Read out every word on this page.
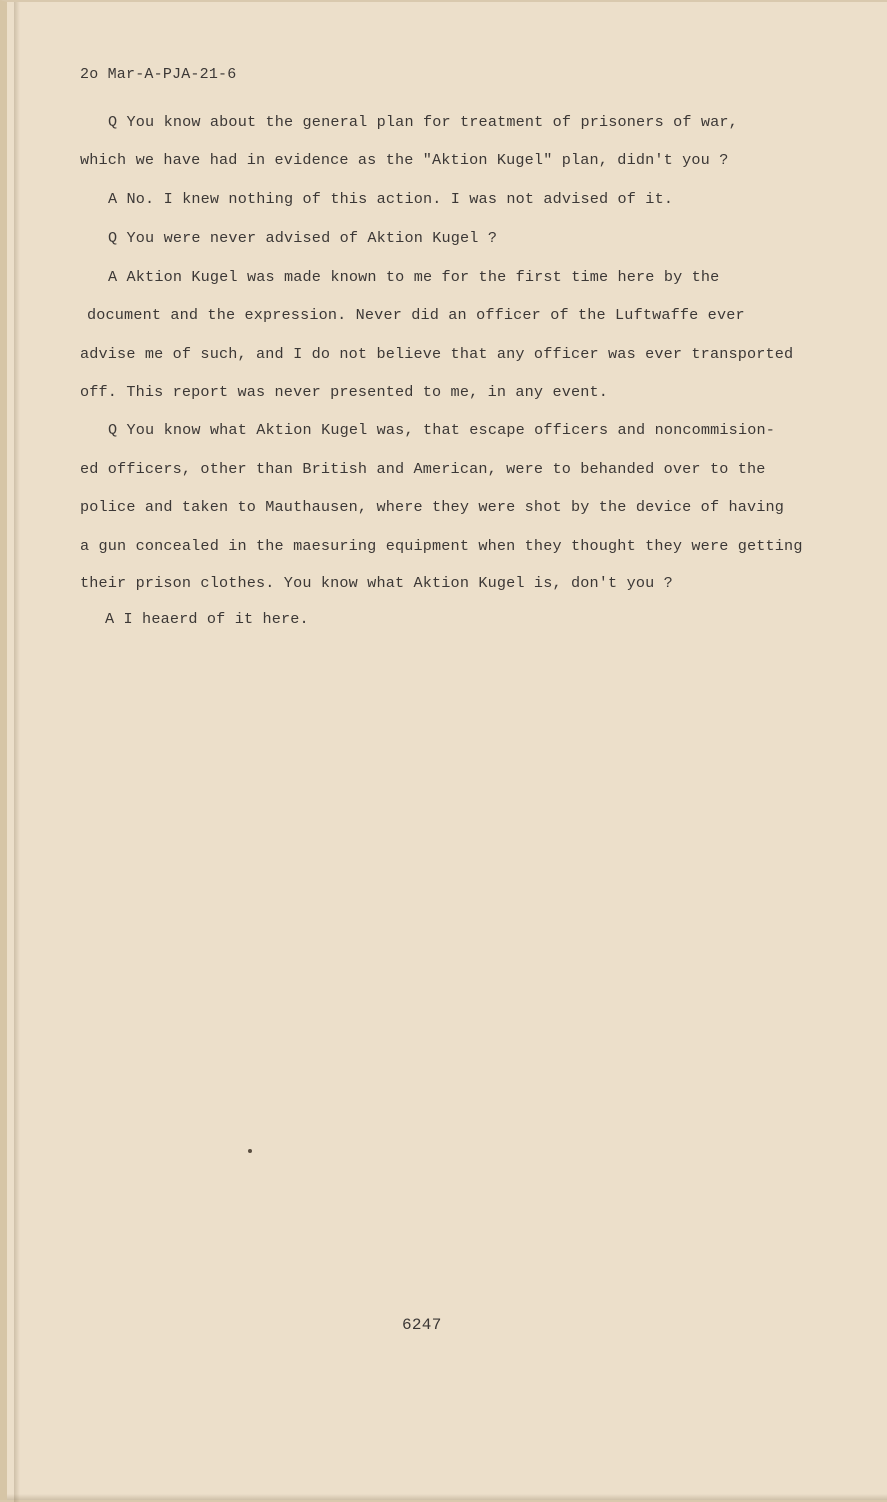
2o Mar-A-PJA-21-6
Q You know about the general plan for treatment of prisoners of war,
which we have had in evidence as the "Aktion Kugel" plan, didn't you ?
A No. I knew nothing of this action. I was not advised of it.
Q You were never advised of Aktion Kugel ?
A Aktion Kugel was made known to me for the first time here by the
document and the expression. Never did an officer of the Luftwaffe ever
advise me of such, and I do not believe that any officer was ever transported
off. This report was never presented to me, in any event.
Q You know what Aktion Kugel was, that escape officers and noncommision-
ed officers, other than British and American, were to behanded over to the
police and taken to Mauthausen, where they were shot by the device of having
a gun concealed in the maesuring equipment when they thought they were getting
their prison clothes. You know what Aktion Kugel is, don't you ?
A I heaerd of it here.
6247
